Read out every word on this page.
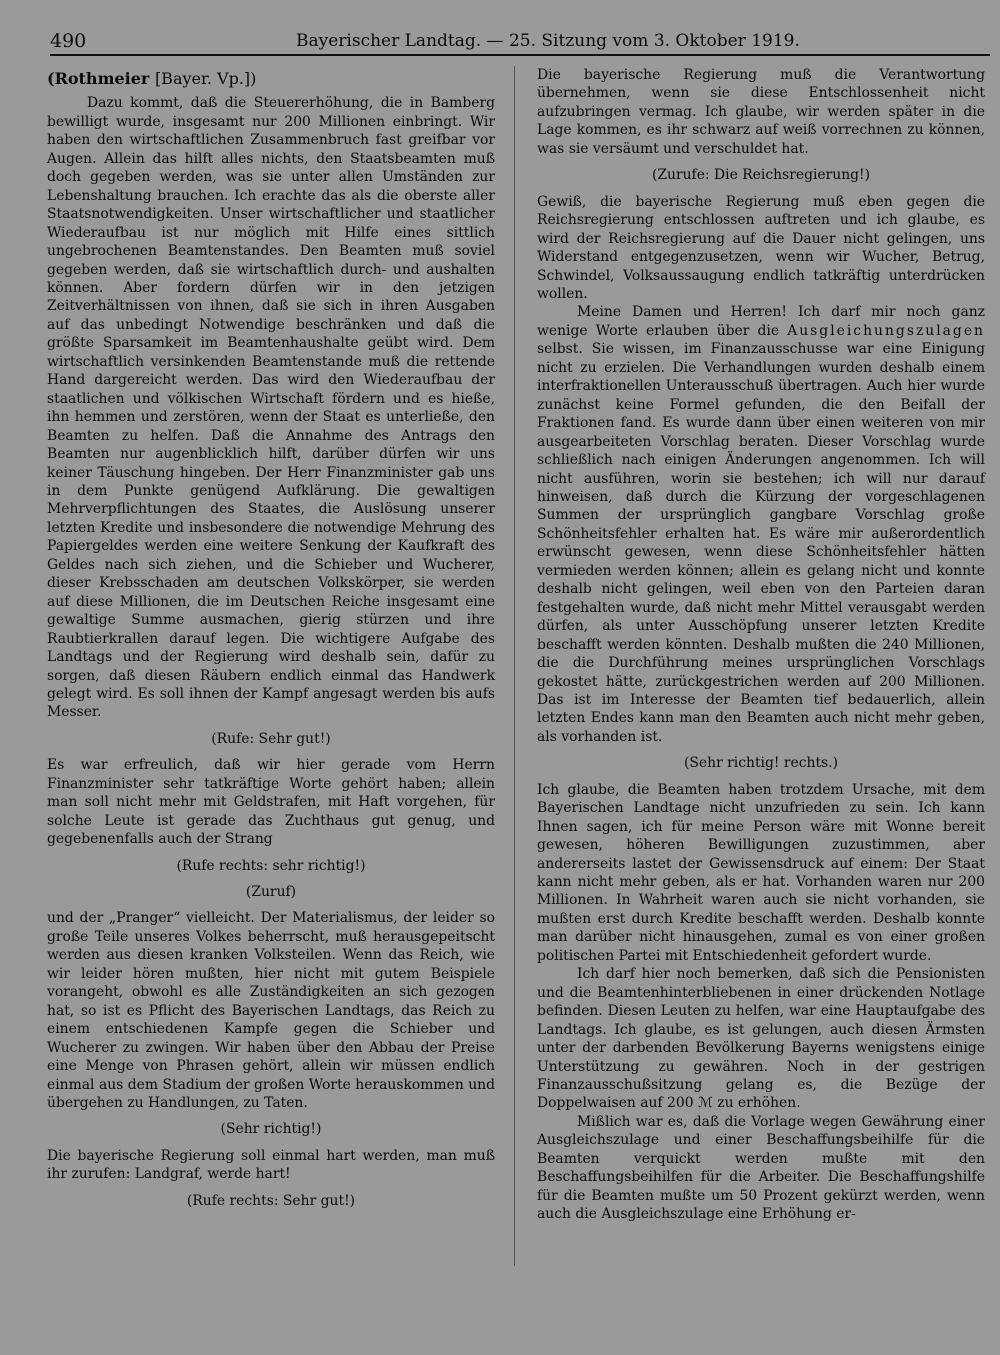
490	Bayerischer Landtag. — 25. Sitzung vom 3. Oktober 1919.
(Rothmeier [Bayer. Vp.])

Dazu kommt, daß die Steuererhöhung, die in Bamberg bewilligt wurde, insgesamt nur 200 Millionen einbringt. Wir haben den wirtschaftlichen Zusammenbruch fast greifbar vor Augen. Allein das hilft alles nichts, den Staatsbeamten muß doch gegeben werden, was sie unter allen Umständen zur Lebenshaltung brauchen. Ich erachte das als die oberste aller Staatsnotwendigkeiten. Unser wirtschaftlicher und staatlicher Wiederaufbau ist nur möglich mit Hilfe eines sittlich ungebrochenen Beamtenstandes. Den Beamten muß soviel gegeben werden, daß sie wirtschaftlich durch- und aushalten können. Aber fordern dürfen wir in den jetzigen Zeitverhältnissen von ihnen, daß sie sich in ihren Ausgaben auf das unbedingt Notwendige beschränken und daß die größte Sparsamkeit im Beamtenhaushalte geübt wird. Dem wirtschaftlich versinkenden Beamtenstande muß die rettende Hand dargereicht werden. Das wird den Wiederaufbau der staatlichen und völkischen Wirtschaft fördern und es hieße, ihn hemmen und zerstören, wenn der Staat es unterließe, den Beamten zu helfen. Daß die Annahme des Antrags den Beamten nur augenblicklich hilft, darüber dürfen wir uns keiner Täuschung hingeben. Der Herr Finanzminister gab uns in dem Punkte genügend Aufklärung. Die gewaltigen Mehrverpflichtungen des Staates, die Auslösung unserer letzten Kredite und insbesondere die notwendige Mehrung des Papiergeldes werden eine weitere Senkung der Kaufkraft des Geldes nach sich ziehen, und die Schieber und Wucherer, dieser Krebsschaden am deutschen Volkskörper, sie werden auf diese Millionen, die im Deutschen Reiche insgesamt eine gewaltige Summe ausmachen, gierig stürzen und ihre Raubtierkrallen darauf legen. Die wichtigere Aufgabe des Landtags und der Regierung wird deshalb sein, dafür zu sorgen, daß diesen Räubern endlich einmal das Handwerk gelegt wird. Es soll ihnen der Kampf angesagt werden bis aufs Messer.

(Rufe: Sehr gut!)

Es war erfreulich, daß wir hier gerade vom Herrn Finanzminister sehr tatkräftige Worte gehört haben; allein man soll nicht mehr mit Geldstrafen, mit Haft vorgehen, für solche Leute ist gerade das Zuchthaus gut genug, und gegebenenfalls auch der Strang

(Rufe rechts: sehr richtig!)

(Zuruf)

und der „Pranger“ vielleicht. Der Materialismus, der leider so große Teile unseres Volkes beherrscht, muß herausgepeitscht werden aus diesen kranken Volksteilen. Wenn das Reich, wie wir leider hören mußten, hier nicht mit gutem Beispiele vorangeht, obwohl es alle Zuständigkeiten an sich gezogen hat, so ist es Pflicht des Bayerischen Landtags, das Reich zu einem entschiedenen Kampfe gegen die Schieber und Wucherer zu zwingen. Wir haben über den Abbau der Preise eine Menge von Phrasen gehört, allein wir müssen endlich einmal aus dem Stadium der großen Worte herauskommen und übergehen zu Handlungen, zu Taten.

(Sehr richtig!)

Die bayerische Regierung soll einmal hart werden, man muß ihr zurufen: Landgraf, werde hart!

(Rufe rechts: Sehr gut!)

Die bayerische Regierung muß die Verantwortung übernehmen, wenn sie diese Entschlossenheit nicht aufzubringen vermag. Ich glaube, wir werden später in die Lage kommen, es ihr schwarz auf weiß vorrechnen zu können, was sie versäumt und verschuldet hat.

(Zurufe: Die Reichsregierung!)

Gewiß, die bayerische Regierung muß eben gegen die Reichsregierung entschlossen auftreten und ich glaube, es wird der Reichsregierung auf die Dauer nicht gelingen, uns Widerstand entgegenzusetzen, wenn wir Wucher, Betrug, Schwindel, Volksaussaugung endlich tatkräftig unterdrücken wollen.

Meine Damen und Herren! Ich darf mir noch ganz wenige Worte erlauben über die Ausgleichungszulagen selbst. Sie wissen, im Finanzausschusse war eine Einigung nicht zu erzielen. Die Verhandlungen wurden deshalb einem interfraktionellen Unterausschuß übertragen. Auch hier wurde zunächst keine Formel gefunden, die den Beifall der Fraktionen fand. Es wurde dann über einen weiteren von mir ausgearbeiteten Vorschlag beraten. Dieser Vorschlag wurde schließlich nach einigen Änderungen angenommen. Ich will nicht ausführen, worin sie bestehen; ich will nur darauf hinweisen, daß durch die Kürzung der vorgeschlagenen Summen der ursprünglich gangbare Vorschlag große Schönheitsfehler erhalten hat. Es wäre mir außerordentlich erwünscht gewesen, wenn diese Schönheitsfehler hätten vermieden werden können; allein es gelang nicht und konnte deshalb nicht gelingen, weil eben von den Parteien daran festgehalten wurde, daß nicht mehr Mittel verausgabt werden dürfen, als unter Ausschöpfung unserer letzten Kredite beschafft werden könnten. Deshalb mußten die 240 Millionen, die die Durchführung meines ursprünglichen Vorschlags gekostet hätte, zurückgestrichen werden auf 200 Millionen. Das ist im Interesse der Beamten tief bedauerlich, allein letzten Endes kann man den Beamten auch nicht mehr geben, als vorhanden ist.

(Sehr richtig! rechts.)

Ich glaube, die Beamten haben trotzdem Ursache, mit dem Bayerischen Landtage nicht unzufrieden zu sein. Ich kann Ihnen sagen, ich für meine Person wäre mit Wonne bereit gewesen, höheren Bewilligungen zuzustimmen, aber andererseits lastet der Gewissensdruck auf einem: Der Staat kann nicht mehr geben, als er hat. Vorhanden waren nur 200 Millionen. In Wahrheit waren auch sie nicht vorhanden, sie mußten erst durch Kredite beschafft werden. Deshalb konnte man darüber nicht hinausgehen, zumal es von einer großen politischen Partei mit Entschiedenheit gefordert wurde.

Ich darf hier noch bemerken, daß sich die Pensionisten und die Beamtenhinterbliebenen in einer drückenden Notlage befinden. Diesen Leuten zu helfen, war eine Hauptaufgabe des Landtags. Ich glaube, es ist gelungen, auch diesen Ärmsten unter der darbenden Bevölkerung Bayerns wenigstens einige Unterstützung zu gewähren. Noch in der gestrigen Finanzausschußsitzung gelang es, die Bezüge der Doppelwaisen auf 200 ℳ zu erhöhen.

Mißlich war es, daß die Vorlage wegen Gewährung einer Ausgleichszulage und einer Beschaffungsbeihilfe für die Beamten verquickt werden mußte mit den Beschaffungsbeihilfen für die Arbeiter. Die Beschaffungshilfe für die Beamten mußte um 50 Prozent gekürzt werden, wenn auch die Ausgleichszulage eine Erhöhung er-
